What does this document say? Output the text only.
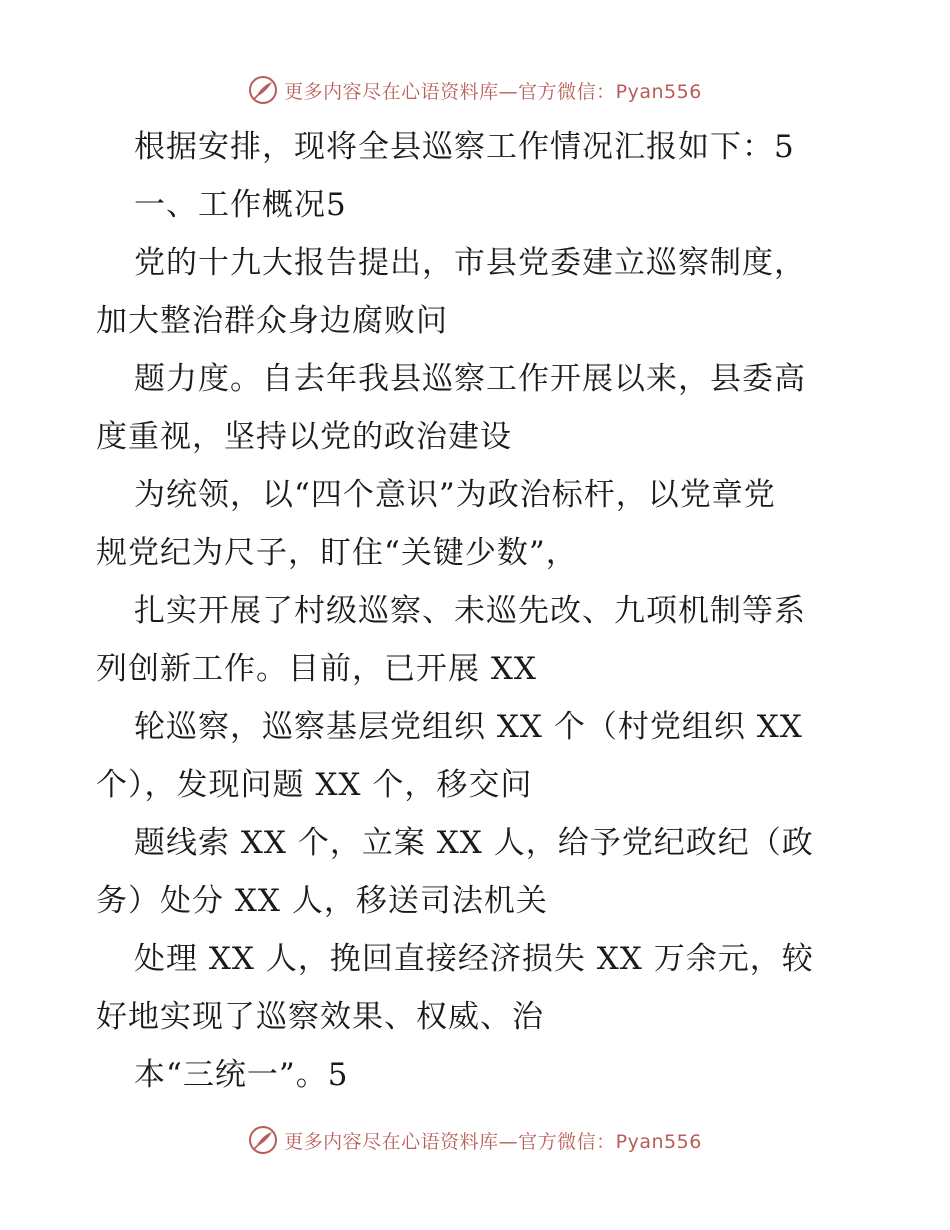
更多内容尽在心语资料库—官方微信：Pyan556
根据安排，现将全县巡察工作情况汇报如下：5
一、工作概况5
党的十九大报告提出，市县党委建立巡察制度，
加大整治群众身边腐败问
题力度。自去年我县巡察工作开展以来，县委高
度重视，坚持以党的政治建设
为统领，以“四个意识”为政治标杆，以党章党
规党纪为尺子，盯住“关键少数”，
扎实开展了村级巡察、未巡先改、九项机制等系
列创新工作。目前，已开展 XX
轮巡察，巡察基层党组织 XX 个（村党组织 XX
个），发现问题 XX 个，移交问
题线索 XX 个，立案 XX 人，给予党纪政纪（政
务）处分 XX 人，移送司法机关
处理 XX 人，挽回直接经济损失 XX 万余元，较
好地实现了巡察效果、权威、治
本“三统一”。5
更多内容尽在心语资料库—官方微信：Pyan556
